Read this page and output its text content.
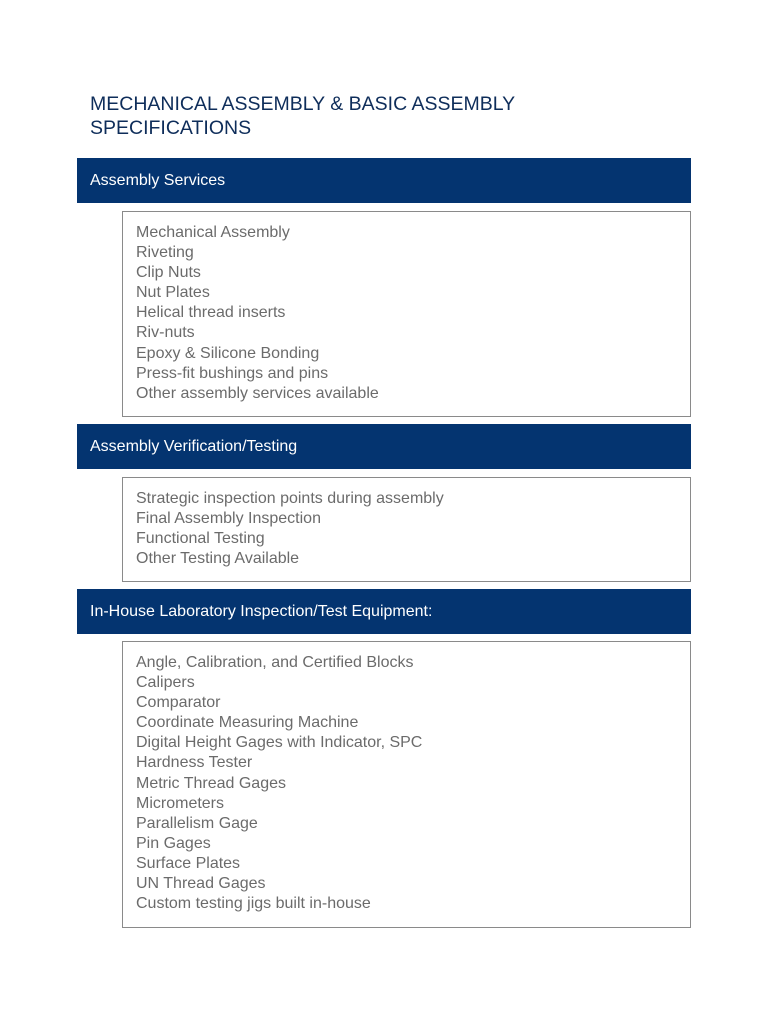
MECHANICAL ASSEMBLY & BASIC ASSEMBLY SPECIFICATIONS
Assembly Services
Mechanical Assembly
Riveting
Clip Nuts
Nut Plates
Helical thread inserts
Riv-nuts
Epoxy & Silicone Bonding
Press-fit bushings and pins
Other assembly services available
Assembly Verification/Testing
Strategic inspection points during assembly
Final Assembly Inspection
Functional Testing
Other Testing Available
In-House Laboratory Inspection/Test Equipment:
Angle, Calibration, and Certified Blocks
Calipers
Comparator
Coordinate Measuring Machine
Digital Height Gages with Indicator, SPC
Hardness Tester
Metric Thread Gages
Micrometers
Parallelism Gage
Pin Gages
Surface Plates
UN Thread Gages
Custom testing jigs built in-house
